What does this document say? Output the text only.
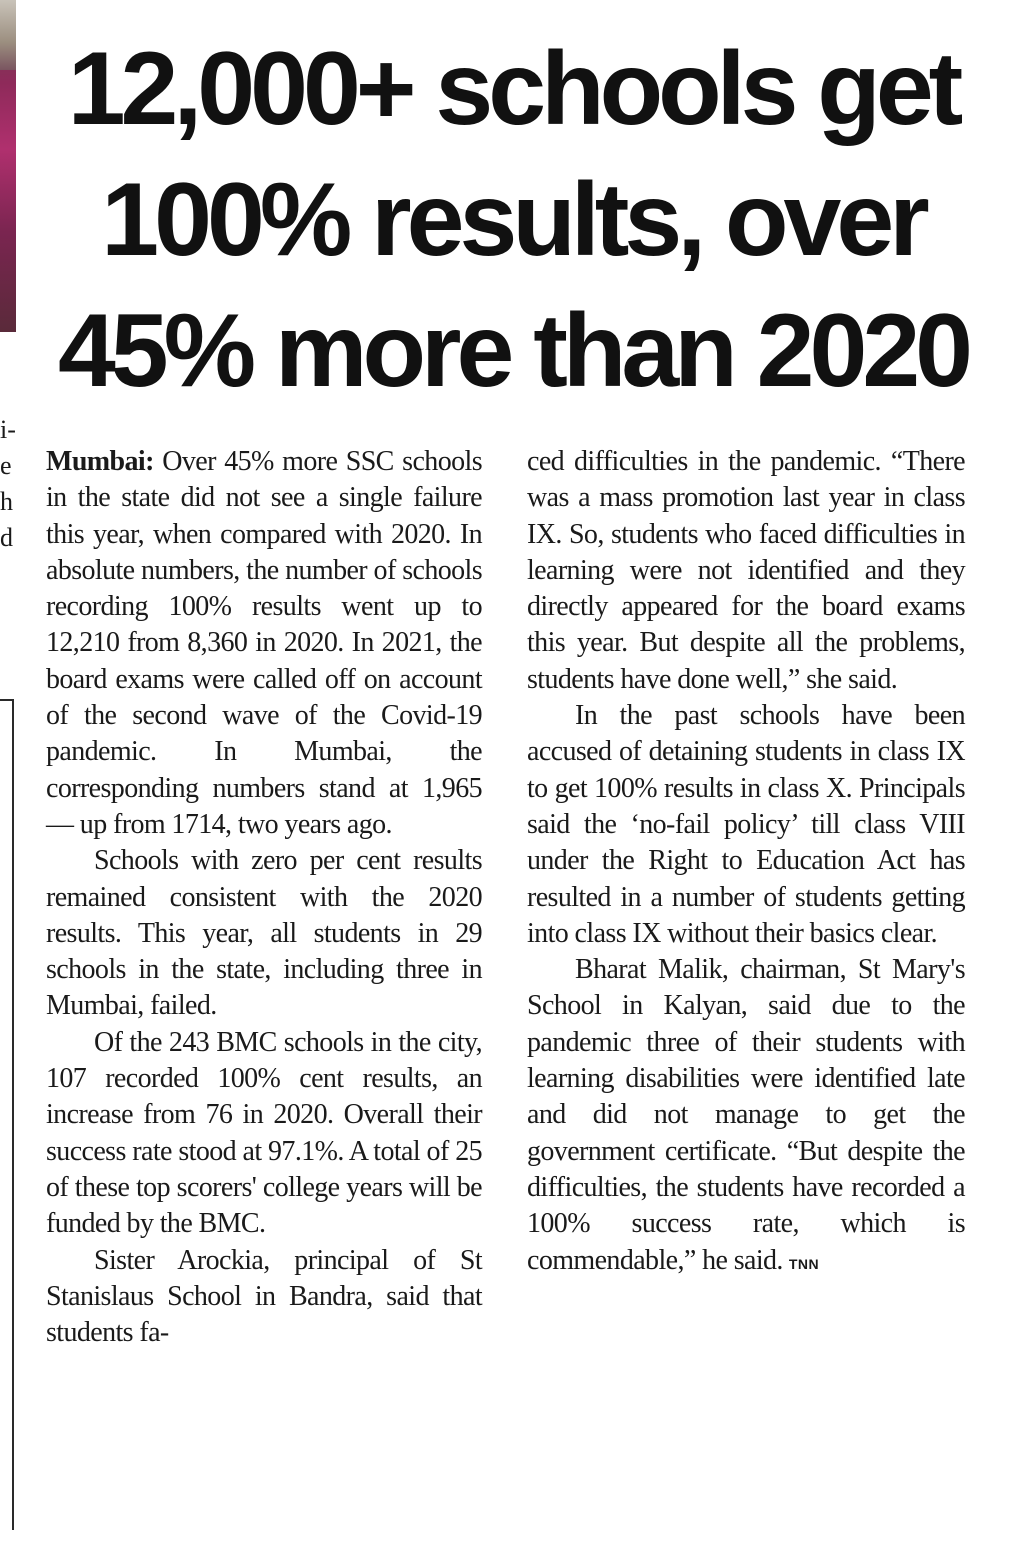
i-
e
h
d
12,000+ schools get 100% results, over 45% more than 2020

Mumbai: Over 45% more SSC schools in the state did not see a single failure this year, when compared with 2020. In absolute numbers, the number of schools recording 100% results went up to 12,210 from 8,360 in 2020. In 2021, the board exams were called off on account of the second wave of the Covid-19 pandemic. In Mumbai, the corresponding numbers stand at 1,965 — up from 1714, two years ago.

Schools with zero per cent results remained consistent with the 2020 results. This year, all students in 29 schools in the state, including three in Mumbai, failed.

Of the 243 BMC schools in the city, 107 recorded 100% cent results, an increase from 76 in 2020. Overall their success rate stood at 97.1%. A total of 25 of these top scorers' college years will be funded by the BMC.

Sister Arockia, principal of St Stanislaus School in Bandra, said that students fa-

ced difficulties in the pandemic. “There was a mass promotion last year in class IX. So, students who faced difficulties in learning were not identified and they directly appeared for the board exams this year. But despite all the problems, students have done well,” she said.

In the past schools have been accused of detaining students in class IX to get 100% results in class X. Principals said the ‘no-fail policy’ till class VIII under the Right to Education Act has resulted in a number of students getting into class IX without their basics clear.

Bharat Malik, chairman, St Mary's School in Kalyan, said due to the pandemic three of their students with learning disabilities were identified late and did not manage to get the government certificate. “But despite the difficulties, the students have recorded a 100% success rate, which is commendable,” he said. TNN
